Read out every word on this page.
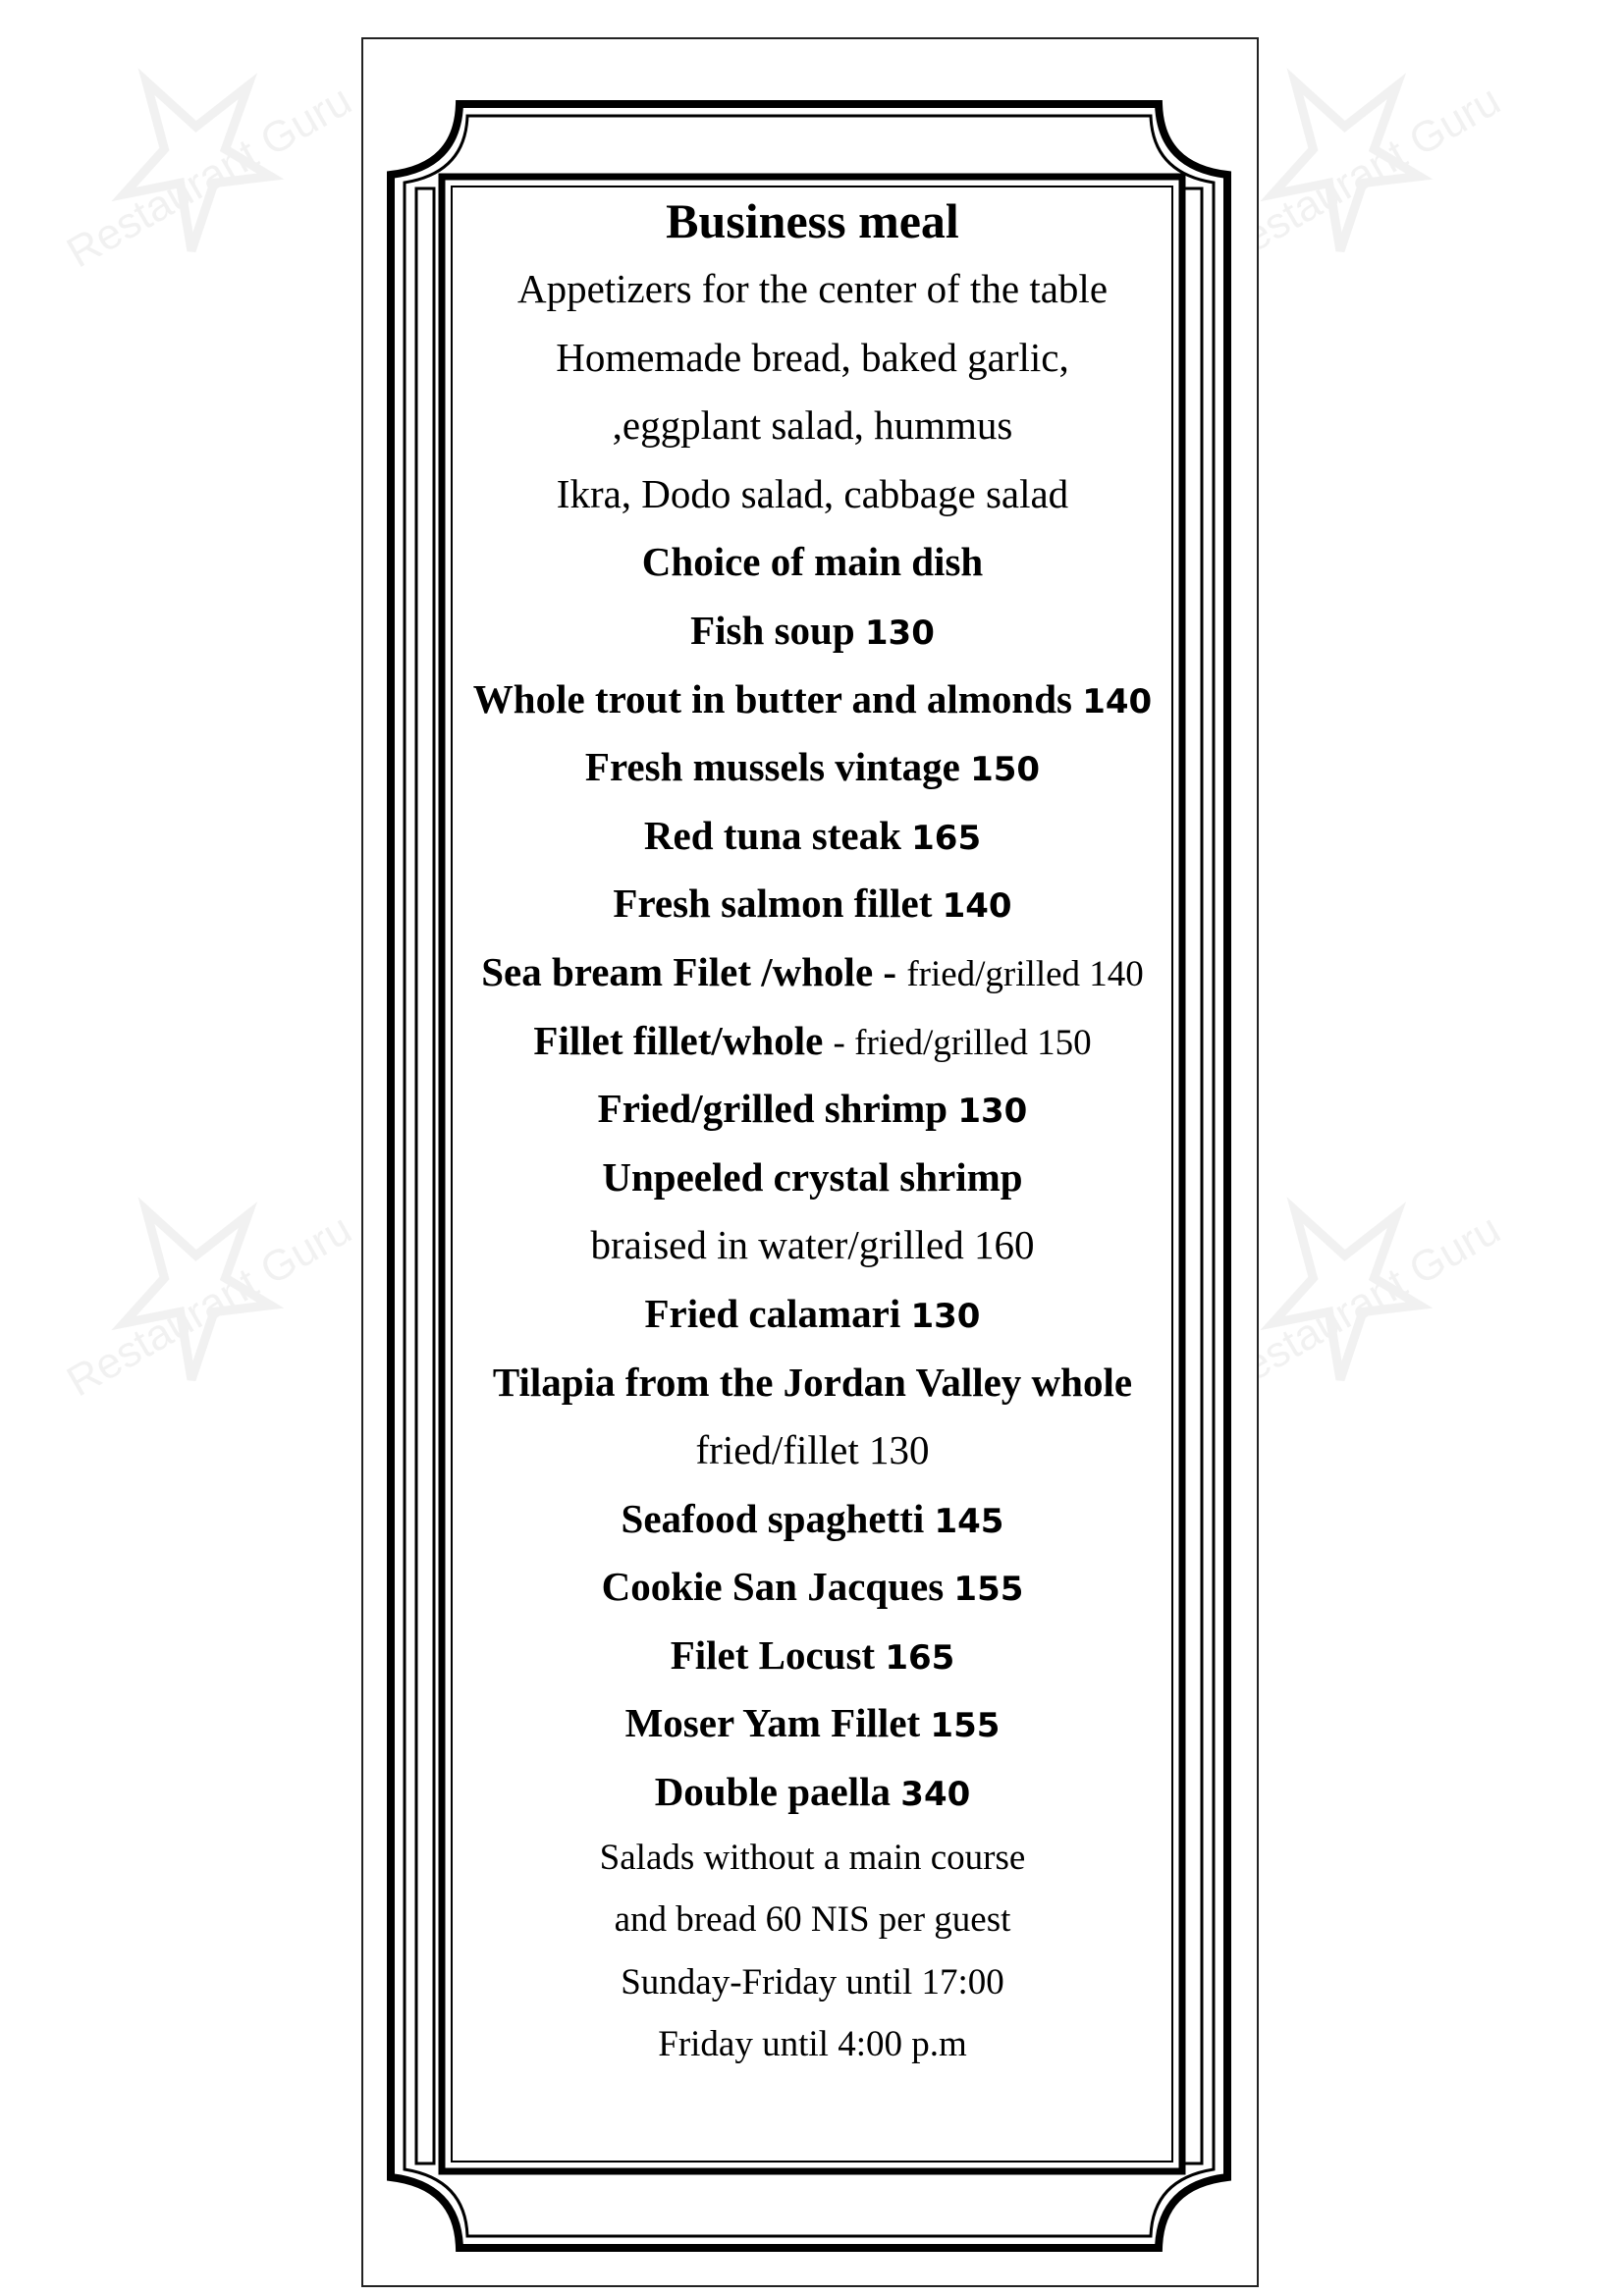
Restaurant Guru	Restaurant Guru
Restaurant Guru	Restaurant Guru
Business meal
Appetizers for the center of the table
Homemade bread, baked garlic,
,eggplant salad, hummus
Ikra, Dodo salad, cabbage salad
Choice of main dish
Fish soup 130
Whole trout in butter and almonds 140
Fresh mussels vintage 150
Red tuna steak 165
Fresh salmon fillet 140
Sea bream Filet /whole - fried/grilled 140
Fillet fillet/whole - fried/grilled 150
Fried/grilled shrimp 130
Unpeeled crystal shrimp
braised in water/grilled 160
Fried calamari 130
Tilapia from the Jordan Valley whole
fried/fillet 130
Seafood spaghetti 145
Cookie San Jacques 155
Filet Locust 165
Moser Yam Fillet 155
Double paella 340
Salads without a main course
and bread 60 NIS per guest
Sunday-Friday until 17:00
Friday until 4:00 p.m
